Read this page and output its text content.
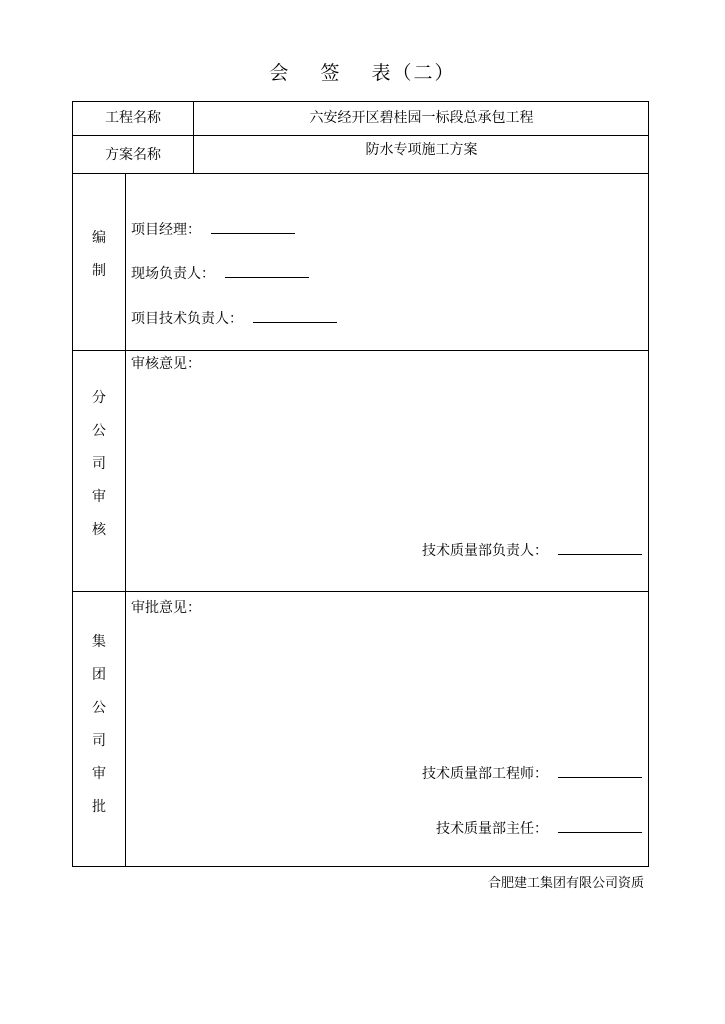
会 签 表（二）
工程名称	六安经开区碧桂园一标段总承包工程
方案名称	防水专项施工方案
编
制
项目经理：
现场负责人：
项目技术负责人：
分
公
司
审
核
审核意见：
技术质量部负责人：
集
团
公
司
审
批
审批意见：
技术质量部工程师：
技术质量部主任：
合肥建工集团有限公司资质
